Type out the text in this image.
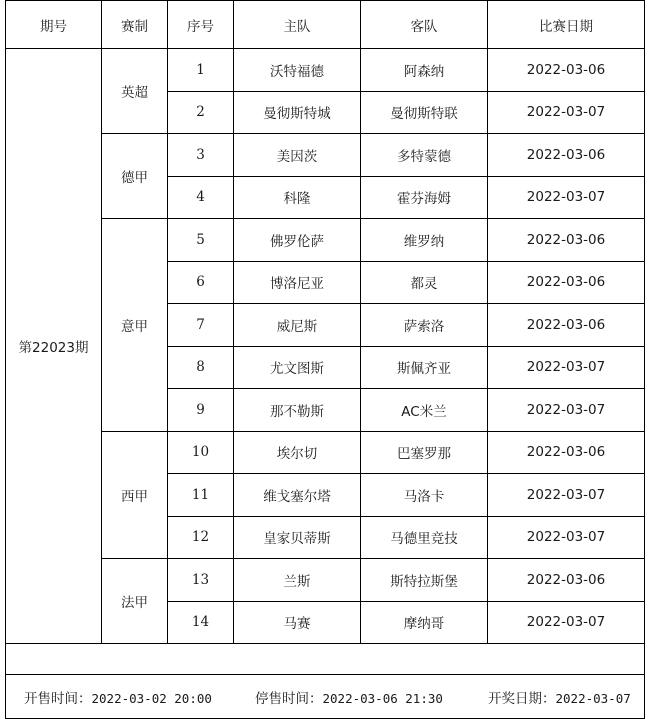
期号	赛制	序号	主队	客队	比赛日期
第22023期	英超	1	沃特福德	阿森纳	2022-03-06
		2	曼彻斯特城	曼彻斯特联	2022-03-07
	德甲	3	美因茨	多特蒙德	2022-03-06
		4	科隆	霍芬海姆	2022-03-07
	意甲	5	佛罗伦萨	维罗纳	2022-03-06
		6	博洛尼亚	都灵	2022-03-06
		7	威尼斯	萨索洛	2022-03-06
		8	尤文图斯	斯佩齐亚	2022-03-07
		9	那不勒斯	AC米兰	2022-03-07
	西甲	10	埃尔切	巴塞罗那	2022-03-06
		11	维戈塞尔塔	马洛卡	2022-03-07
		12	皇家贝蒂斯	马德里竞技	2022-03-07
	法甲	13	兰斯	斯特拉斯堡	2022-03-06
		14	马赛	摩纳哥	2022-03-07

开售时间：2022-03-02 20:00 停售时间：2022-03-06 21:30 开奖日期：2022-03-07					
